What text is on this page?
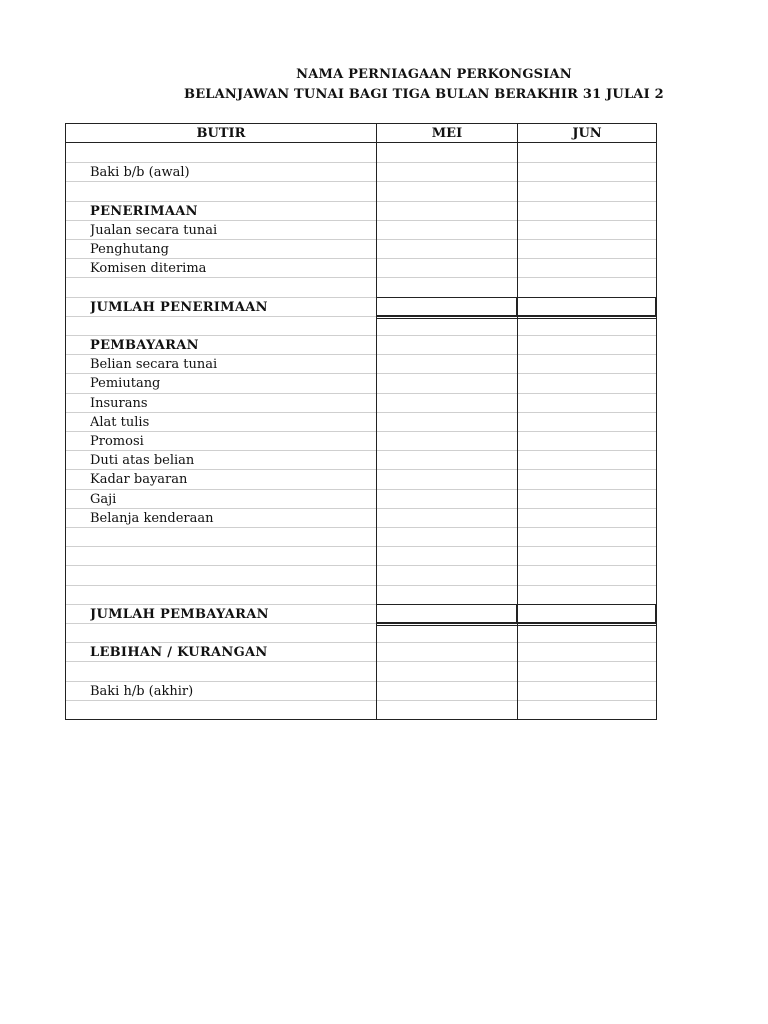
NAMA PERNIAGAAN PERKONGSIAN
BELANJAWAN TUNAI BAGI TIGA BULAN BERAKHIR 31 JULAI 2
BUTIR	MEI	JUN
Baki b/b (awal)
PENERIMAAN
Jualan secara tunai
Penghutang
Komisen diterima
JUMLAH PENERIMAAN
PEMBAYARAN
Belian secara tunai
Pemiutang
Insurans
Alat tulis
Promosi
Duti atas belian
Kadar bayaran
Gaji
Belanja kenderaan
JUMLAH PEMBAYARAN
LEBIHAN / KURANGAN
Baki h/b (akhir)
